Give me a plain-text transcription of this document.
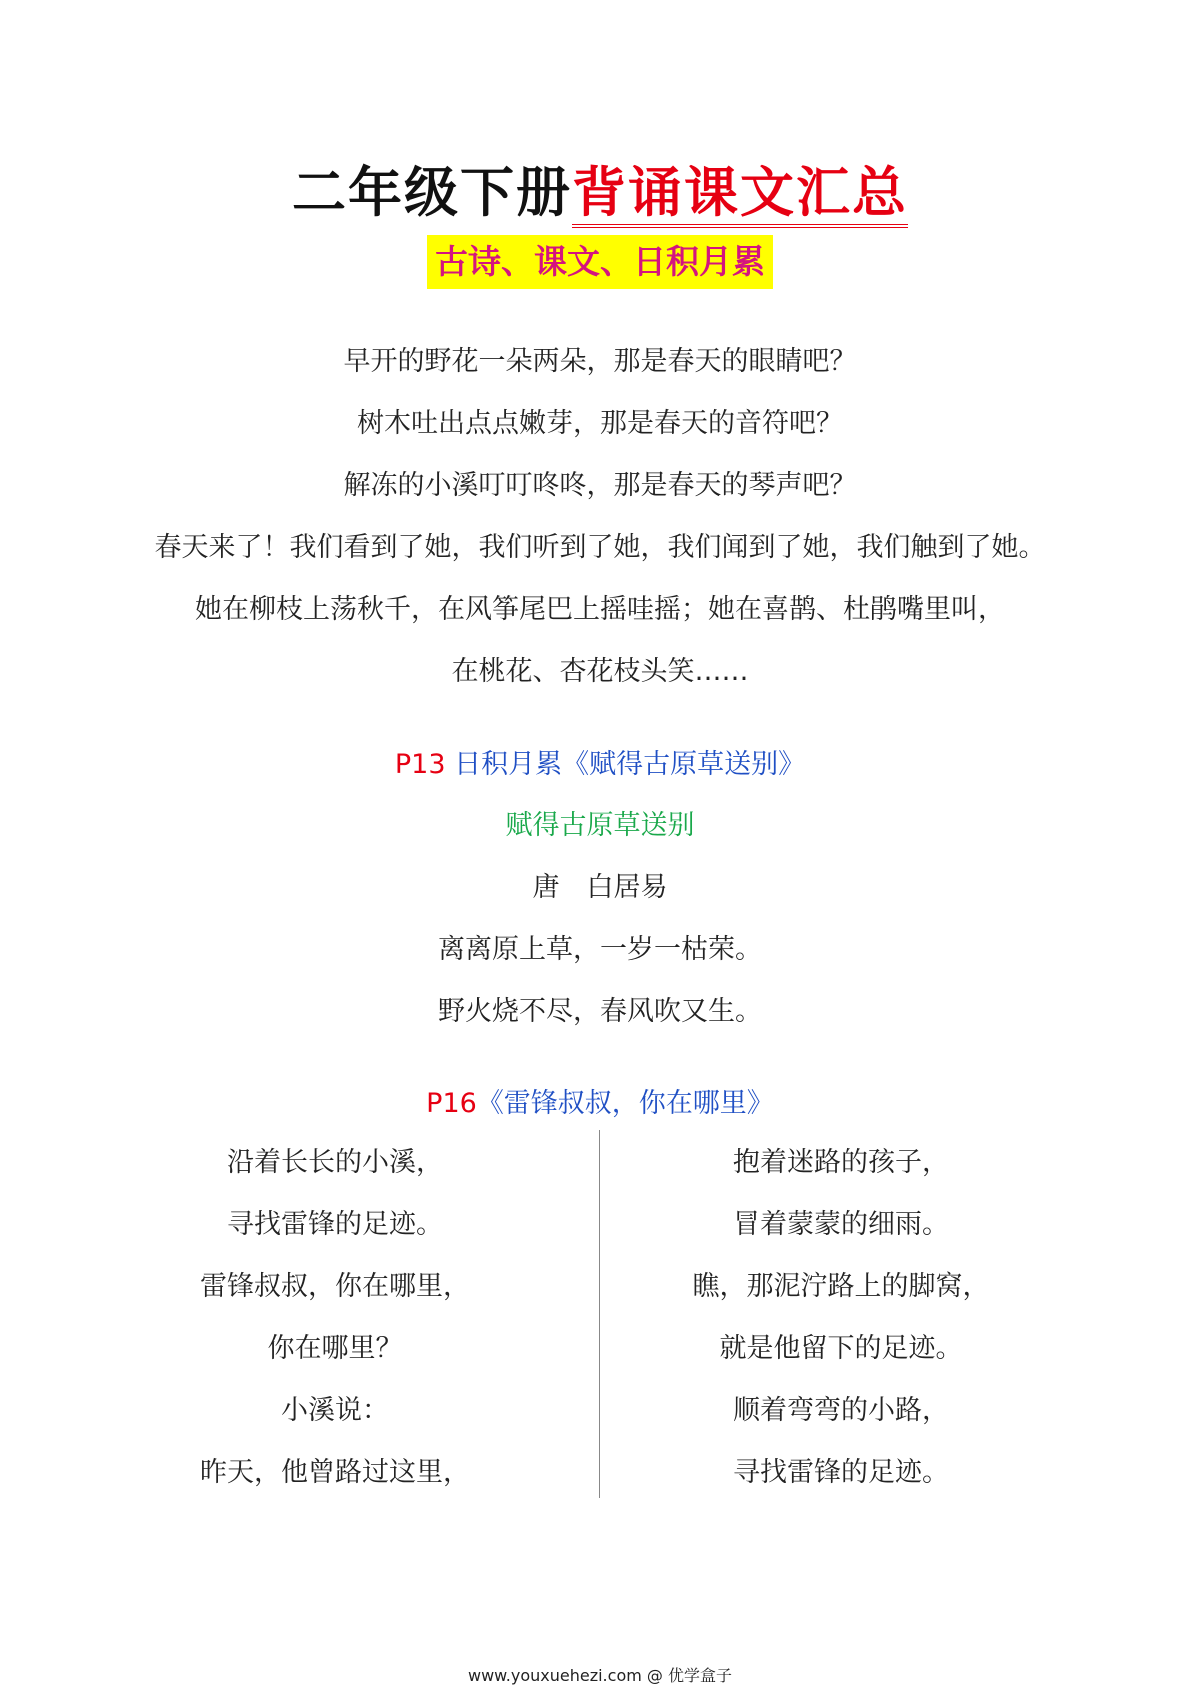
二年级下册背诵课文汇总
古诗、课文、日积月累
早开的野花一朵两朵，那是春天的眼睛吧？
树木吐出点点嫩芽，那是春天的音符吧？
解冻的小溪叮叮咚咚，那是春天的琴声吧？
春天来了！我们看到了她，我们听到了她，我们闻到了她，我们触到了她。
她在柳枝上荡秋千，在风筝尾巴上摇哇摇；她在喜鹊、杜鹃嘴里叫，
在桃花、杏花枝头笑……
P13 日积月累《赋得古原草送别》
赋得古原草送别
唐　白居易
离离原上草，一岁一枯荣。
野火烧不尽，春风吹又生。
P16《雷锋叔叔，你在哪里》
沿着长长的小溪，
寻找雷锋的足迹。
雷锋叔叔，你在哪里，
你在哪里？
小溪说：
昨天，他曾路过这里，
抱着迷路的孩子，
冒着蒙蒙的细雨。
瞧，那泥泞路上的脚窝，
就是他留下的足迹。
顺着弯弯的小路，
寻找雷锋的足迹。
www.youxuehezi.com @ 优学盒子
